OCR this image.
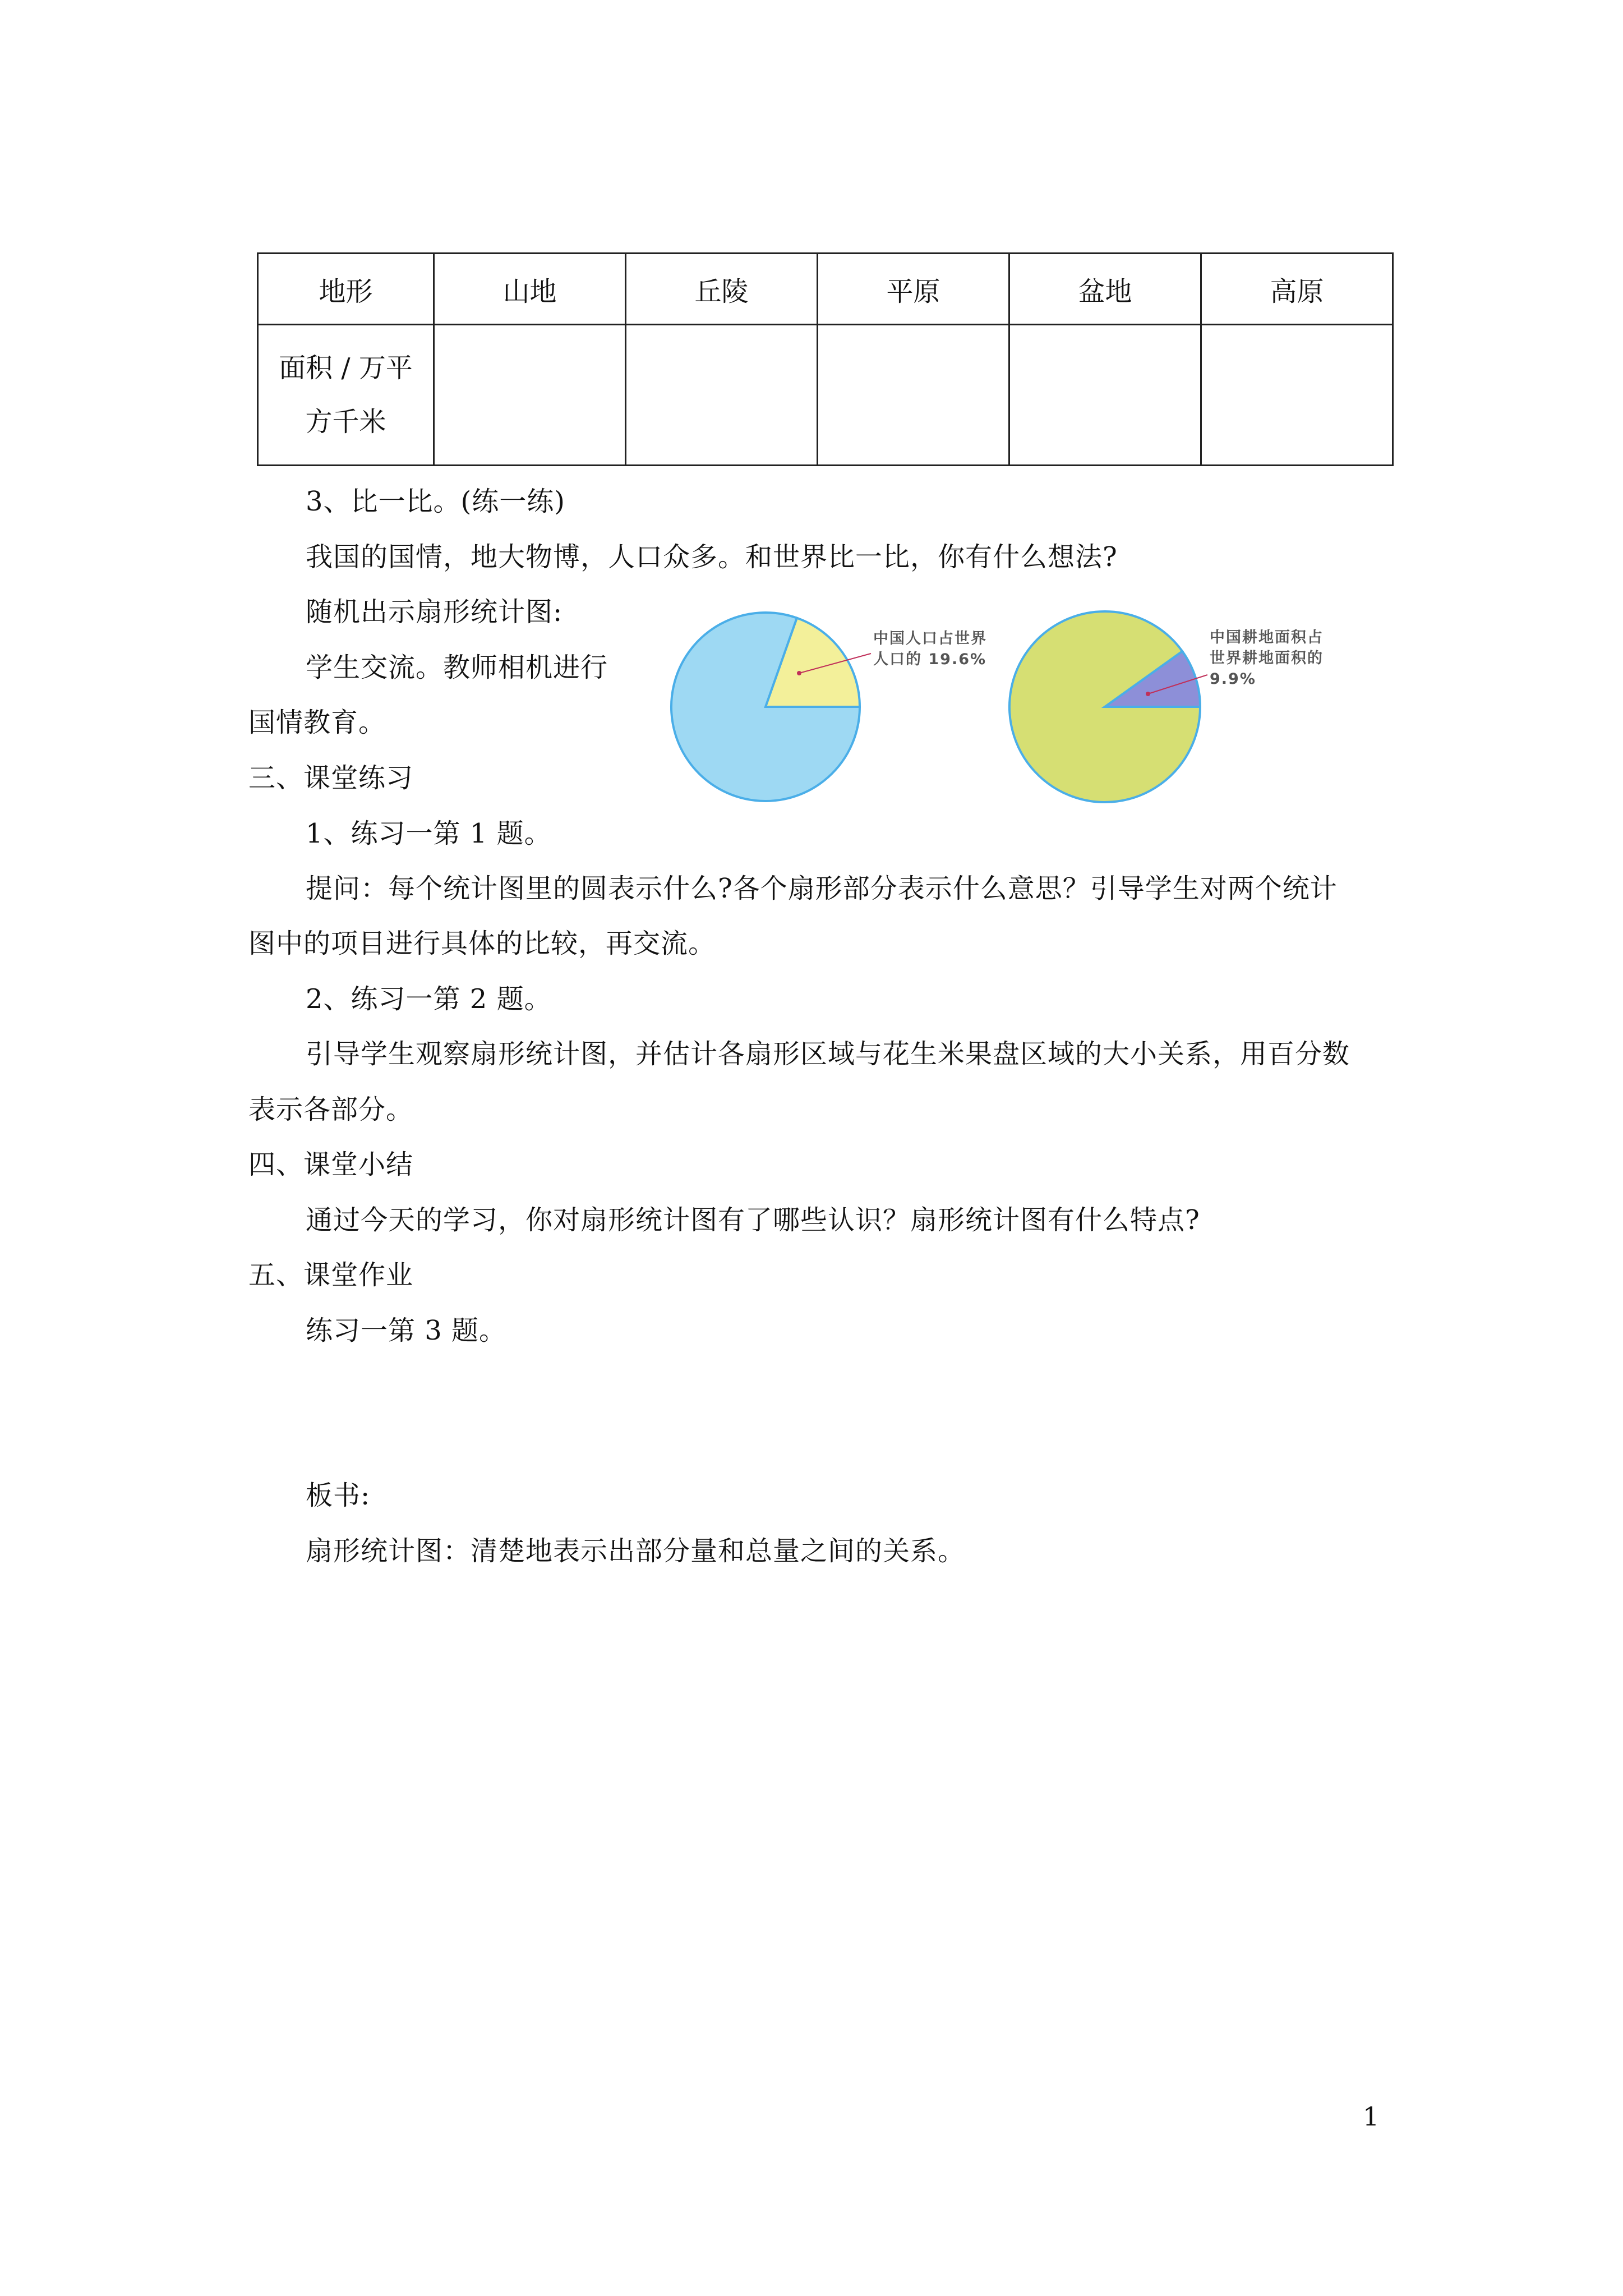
地形	山地	丘陵	平原	盆地	高原
面积 / 万平
方千米					
3、比一比。(练一练)
我国的国情，地大物博，人口众多。和世界比一比，你有什么想法?
随机出示扇形统计图:
学生交流。教师相机进行
国情教育。
中国人口占世界
人口的 19.6%
中国耕地面积占
世界耕地面积的
9.9%
三、课堂练习
1、练习一第 1 题。
提问：每个统计图里的圆表示什么?各个扇形部分表示什么意思？引导学生对两个统计
图中的项目进行具体的比较，再交流。
2、练习一第 2 题。
引导学生观察扇形统计图，并估计各扇形区域与花生米果盘区域的大小关系，用百分数
表示各部分。
四、课堂小结
通过今天的学习，你对扇形统计图有了哪些认识？扇形统计图有什么特点?
五、课堂作业
练习一第 3 题。
板书:
扇形统计图：清楚地表示出部分量和总量之间的关系。
1
